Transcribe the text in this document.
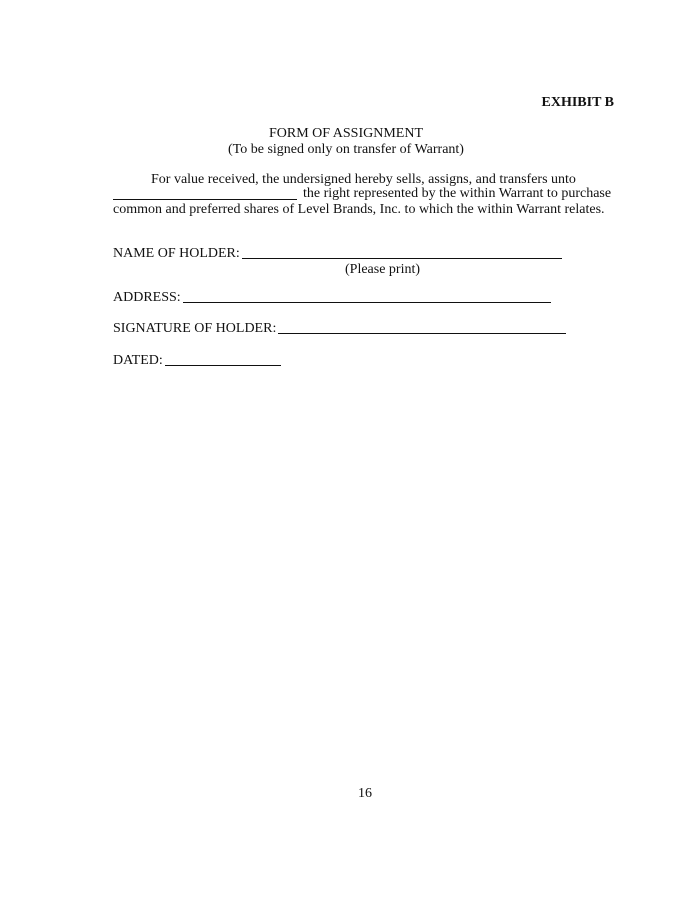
EXHIBIT B
FORM OF ASSIGNMENT
(To be signed only on transfer of Warrant)
For value received, the undersigned hereby sells, assigns, and transfers unto
the right represented by the within Warrant to purchase
common and preferred shares of Level Brands, Inc. to which the within Warrant relates.
NAME OF HOLDER:
(Please print)
ADDRESS:
SIGNATURE OF HOLDER:
DATED:
16
